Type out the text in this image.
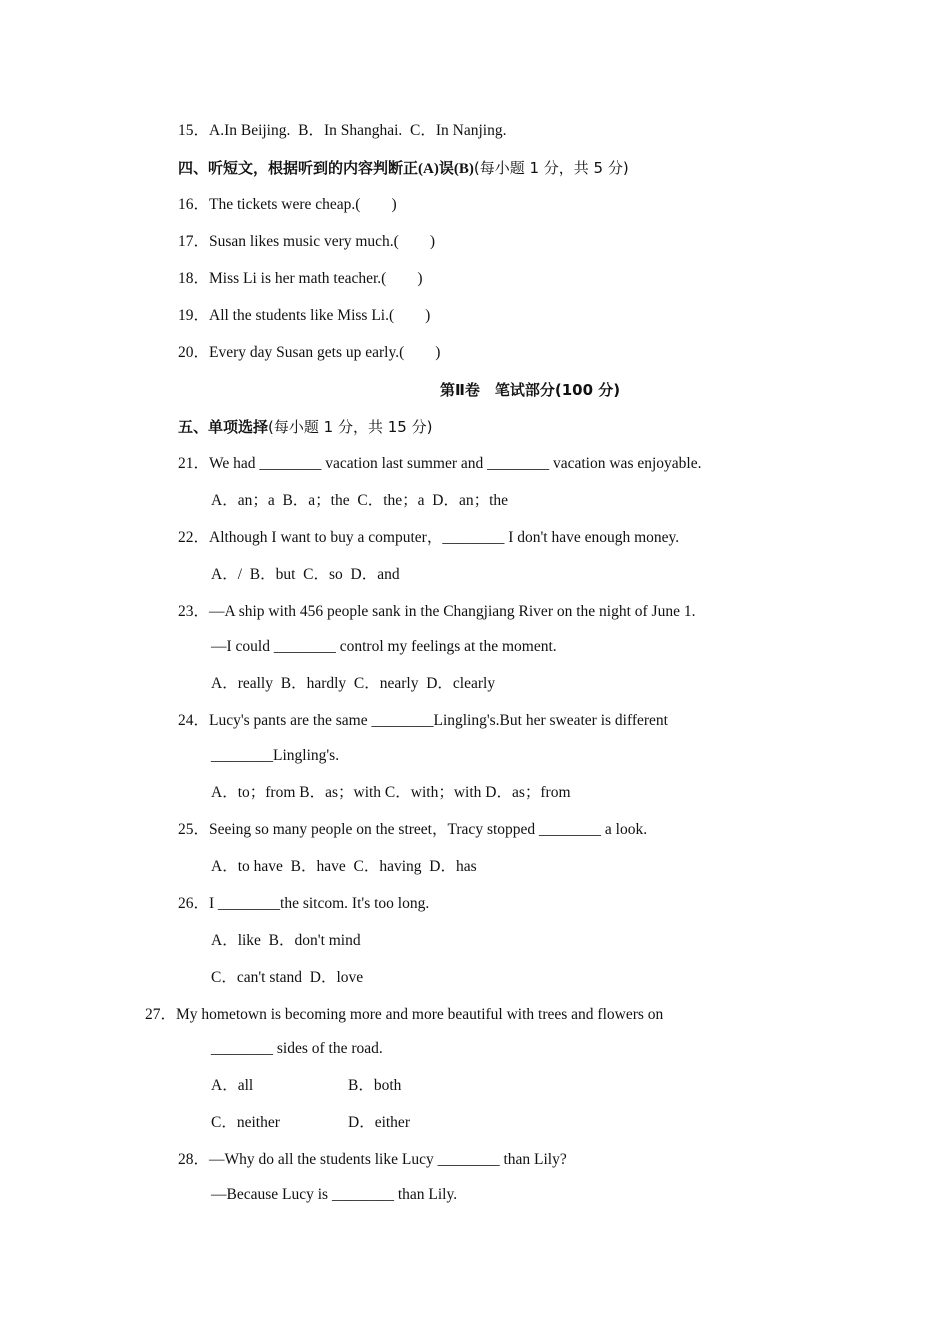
15．A.In Beijing.  B．In Shanghai.  C．In Nanjing.
四、听短文，根据听到的内容判断正(A)误(B)(每小题 1 分，共 5 分)
16．The tickets were cheap.(        )
17．Susan likes music very much.(        )
18．Miss Li is her math teacher.(        )
19．All the students like Miss Li.(        )
20．Every day Susan gets up early.(        )
第Ⅱ卷　笔试部分(100 分)
五、单项选择(每小题 1 分，共 15 分)
21．We had ________ vacation last summer and ________ vacation was enjoyable.
A．an；a  B．a；the  C．the；a  D．an；the
22．Although I want to buy a computer，________ I don't have enough money.
A．/  B．but  C．so  D．and
23．—A ship with 456 people sank in the Changjiang River on the night of June 1.
—I could ________ control my feelings at the moment.
A．really  B．hardly  C．nearly  D．clearly
24．Lucy's pants are the same ________Lingling's.But her sweater is different
________Lingling's.
A．to；from B．as；with C．with；with D．as；from
25．Seeing so many people on the street，Tracy stopped ________ a look.
A．to have  B．have  C．having  D．has
26．I ________the sitcom. It's too long.
A．like  B．don't mind
C．can't stand  D．love
27．My hometown is becoming more and more beautiful with trees and flowers on
________ sides of the road.
A．all	B．both
C．neither	D．either
28．—Why do all the students like Lucy ________ than Lily?
—Because Lucy is ________ than Lily.
